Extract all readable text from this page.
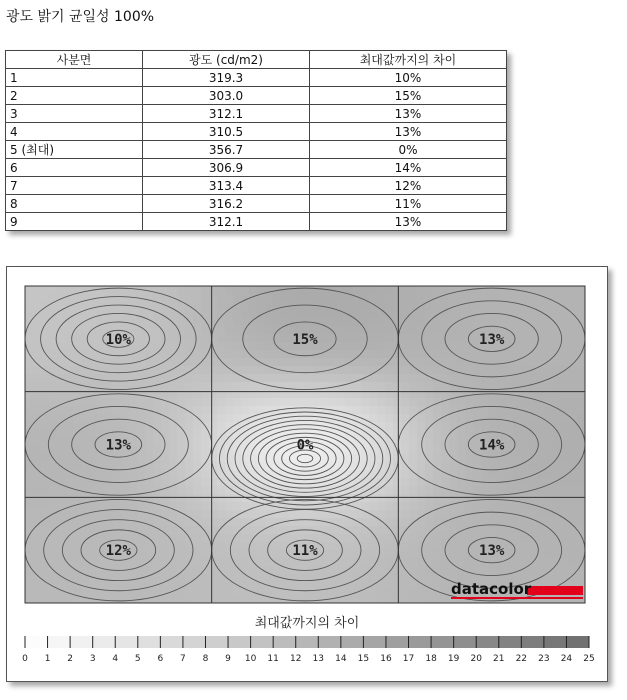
광도 밝기 균일성 100%
사분면	광도 (cd/m2)	최대값까지의 차이
1	319.3	10%
2	303.0	15%
3	312.1	13%
4	310.5	13%
5 (최대)	356.7	0%
6	306.9	14%
7	313.4	12%
8	316.2	11%
9	312.1	13%
10%	15%	13%
13%	0%	14%
12%	11%	13%
datacolor
최대값까지의 차이
0 1 2 3 4 5 6 7 8 9 10 11 12 13 14 15 16 17 18 19 20 21 22 23 24 25
